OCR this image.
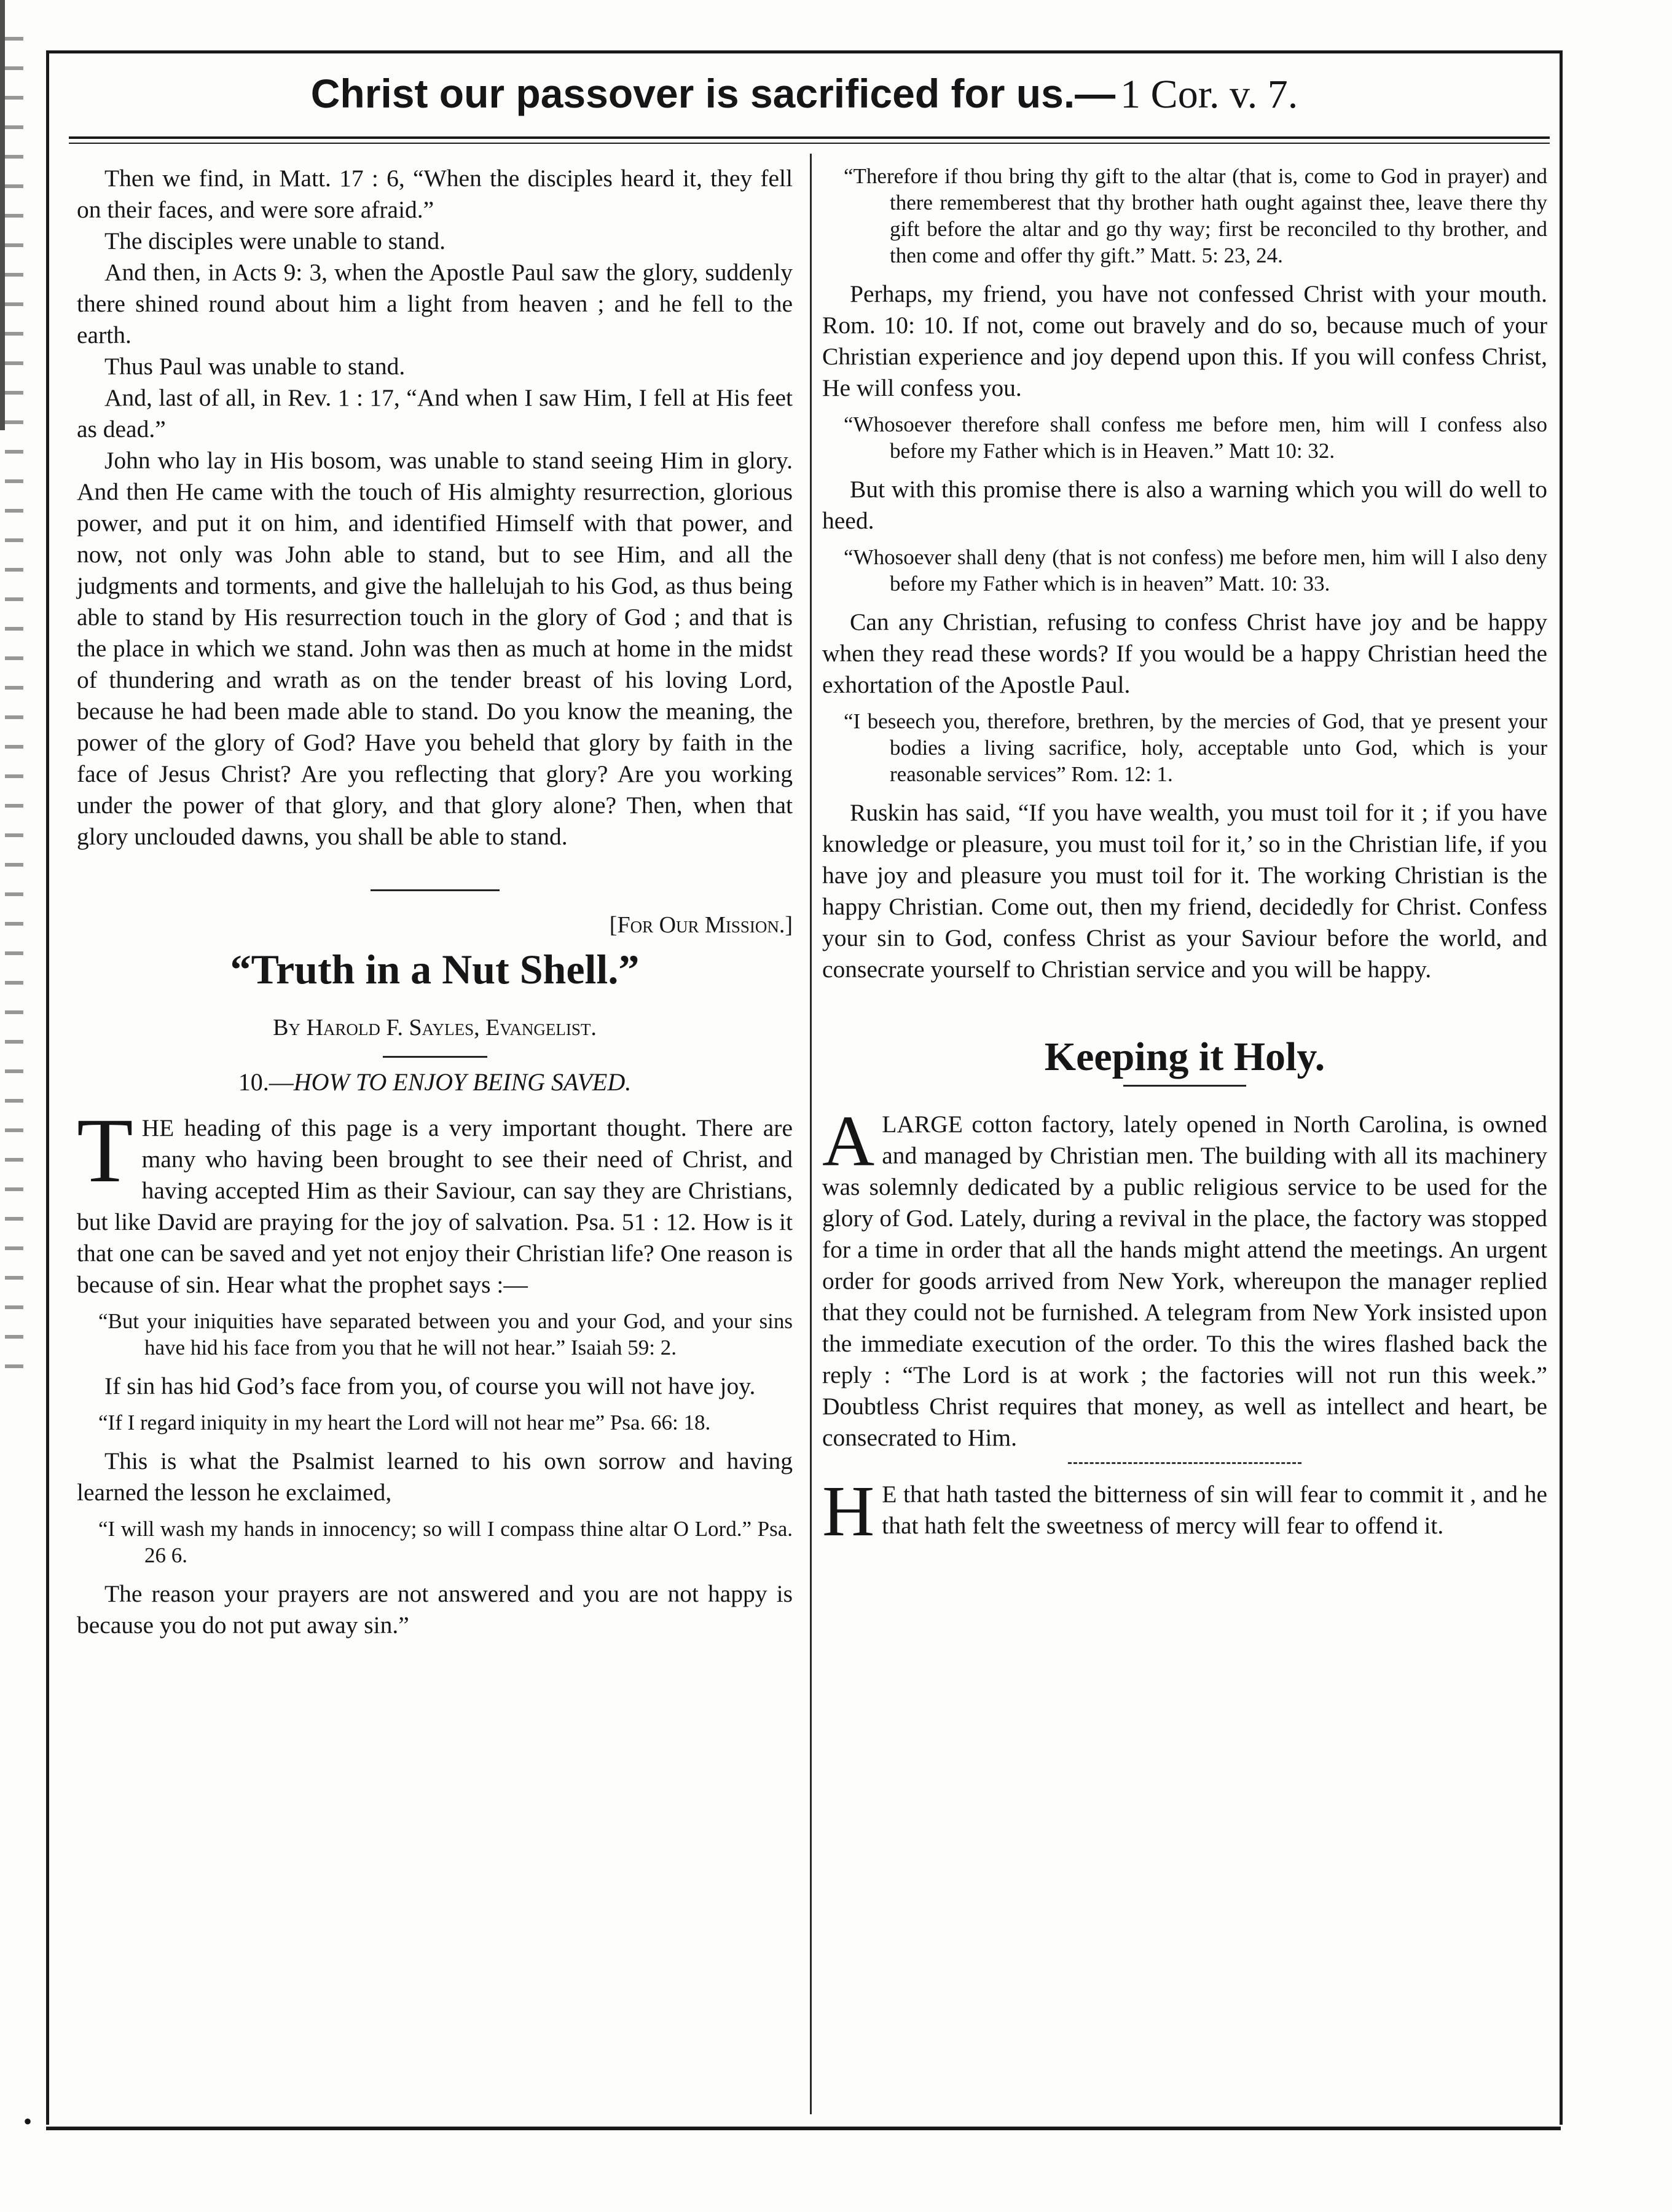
Christ our passover is sacrificed for us.— 1 Cor. v. 7.

Then we find, in Matt. 17 : 6, “When the disciples heard it, they fell on their faces, and were sore afraid.”

The disciples were unable to stand.

And then, in Acts 9: 3, when the Apostle Paul saw the glory, suddenly there shined round about him a light from heaven ; and he fell to the earth.

Thus Paul was unable to stand.

And, last of all, in Rev. 1 : 17, “And when I saw Him, I fell at His feet as dead.”

John who lay in His bosom, was unable to stand seeing Him in glory. And then He came with the touch of His almighty resurrection, glorious power, and put it on him, and identified Himself with that power, and now, not only was John able to stand, but to see Him, and all the judgments and torments, and give the hallelujah to his God, as thus being able to stand by His resurrection touch in the glory of God ; and that is the place in which we stand. John was then as much at home in the midst of thundering and wrath as on the tender breast of his loving Lord, because he had been made able to stand. Do you know the meaning, the power of the glory of God? Have you beheld that glory by faith in the face of Jesus Christ? Are you reflecting that glory? Are you working under the power of that glory, and that glory alone? Then, when that glory unclouded dawns, you shall be able to stand.

[For Our Mission.]
“Truth in a Nut Shell.”
By Harold F. Sayles, Evangelist.
10.—HOW TO ENJOY BEING SAVED.

THE heading of this page is a very important thought. There are many who having been brought to see their need of Christ, and having accepted Him as their Saviour, can say they are Christians, but like David are praying for the joy of salvation. Psa. 51 : 12. How is it that one can be saved and yet not enjoy their Christian life? One reason is because of sin. Hear what the prophet says :—

“But your iniquities have separated between you and your God, and your sins have hid his face from you that he will not hear.” Isaiah 59: 2.

If sin has hid God’s face from you, of course you will not have joy.

“If I regard iniquity in my heart the Lord will not hear me” Psa. 66: 18.

This is what the Psalmist learned to his own sorrow and having learned the lesson he exclaimed,

“I will wash my hands in innocency; so will I compass thine altar O Lord.” Psa. 26 6.

The reason your prayers are not answered and you are not happy is because you do not put away sin.”

“Therefore if thou bring thy gift to the altar (that is, come to God in prayer) and there rememberest that thy brother hath ought against thee, leave there thy gift before the altar and go thy way; first be reconciled to thy brother, and then come and offer thy gift.” Matt. 5: 23, 24.

Perhaps, my friend, you have not confessed Christ with your mouth. Rom. 10: 10. If not, come out bravely and do so, because much of your Christian experience and joy depend upon this. If you will confess Christ, He will confess you.

“Whosoever therefore shall confess me before men, him will I confess also before my Father which is in Heaven.” Matt 10: 32.

But with this promise there is also a warning which you will do well to heed.

“Whosoever shall deny (that is not confess) me before men, him will I also deny before my Father which is in heaven” Matt. 10: 33.

Can any Christian, refusing to confess Christ have joy and be happy when they read these words? If you would be a happy Christian heed the exhortation of the Apostle Paul.

“I beseech you, therefore, brethren, by the mercies of God, that ye present your bodies a living sacrifice, holy, acceptable unto God, which is your reasonable services” Rom. 12: 1.

Ruskin has said, “If you have wealth, you must toil for it ; if you have knowledge or pleasure, you must toil for it,’ so in the Christian life, if you have joy and pleasure you must toil for it. The working Christian is the happy Christian. Come out, then my friend, decidedly for Christ. Confess your sin to God, confess Christ as your Saviour before the world, and consecrate yourself to Christian service and you will be happy.

Keeping it Holy.

ALARGE cotton factory, lately opened in North Carolina, is owned and managed by Christian men. The building with all its machinery was solemnly dedicated by a public religious service to be used for the glory of God. Lately, during a revival in the place, the factory was stopped for a time in order that all the hands might attend the meetings. An urgent order for goods arrived from New York, whereupon the manager replied that they could not be furnished. A telegram from New York insisted upon the immediate execution of the order. To this the wires flashed back the reply : “The Lord is at work ; the factories will not run this week.” Doubtless Christ requires that money, as well as intellect and heart, be consecrated to Him.

H E that hath tasted the bitterness of sin will fear to commit it , and he that hath felt the sweetness of mercy will fear to offend it.

•
